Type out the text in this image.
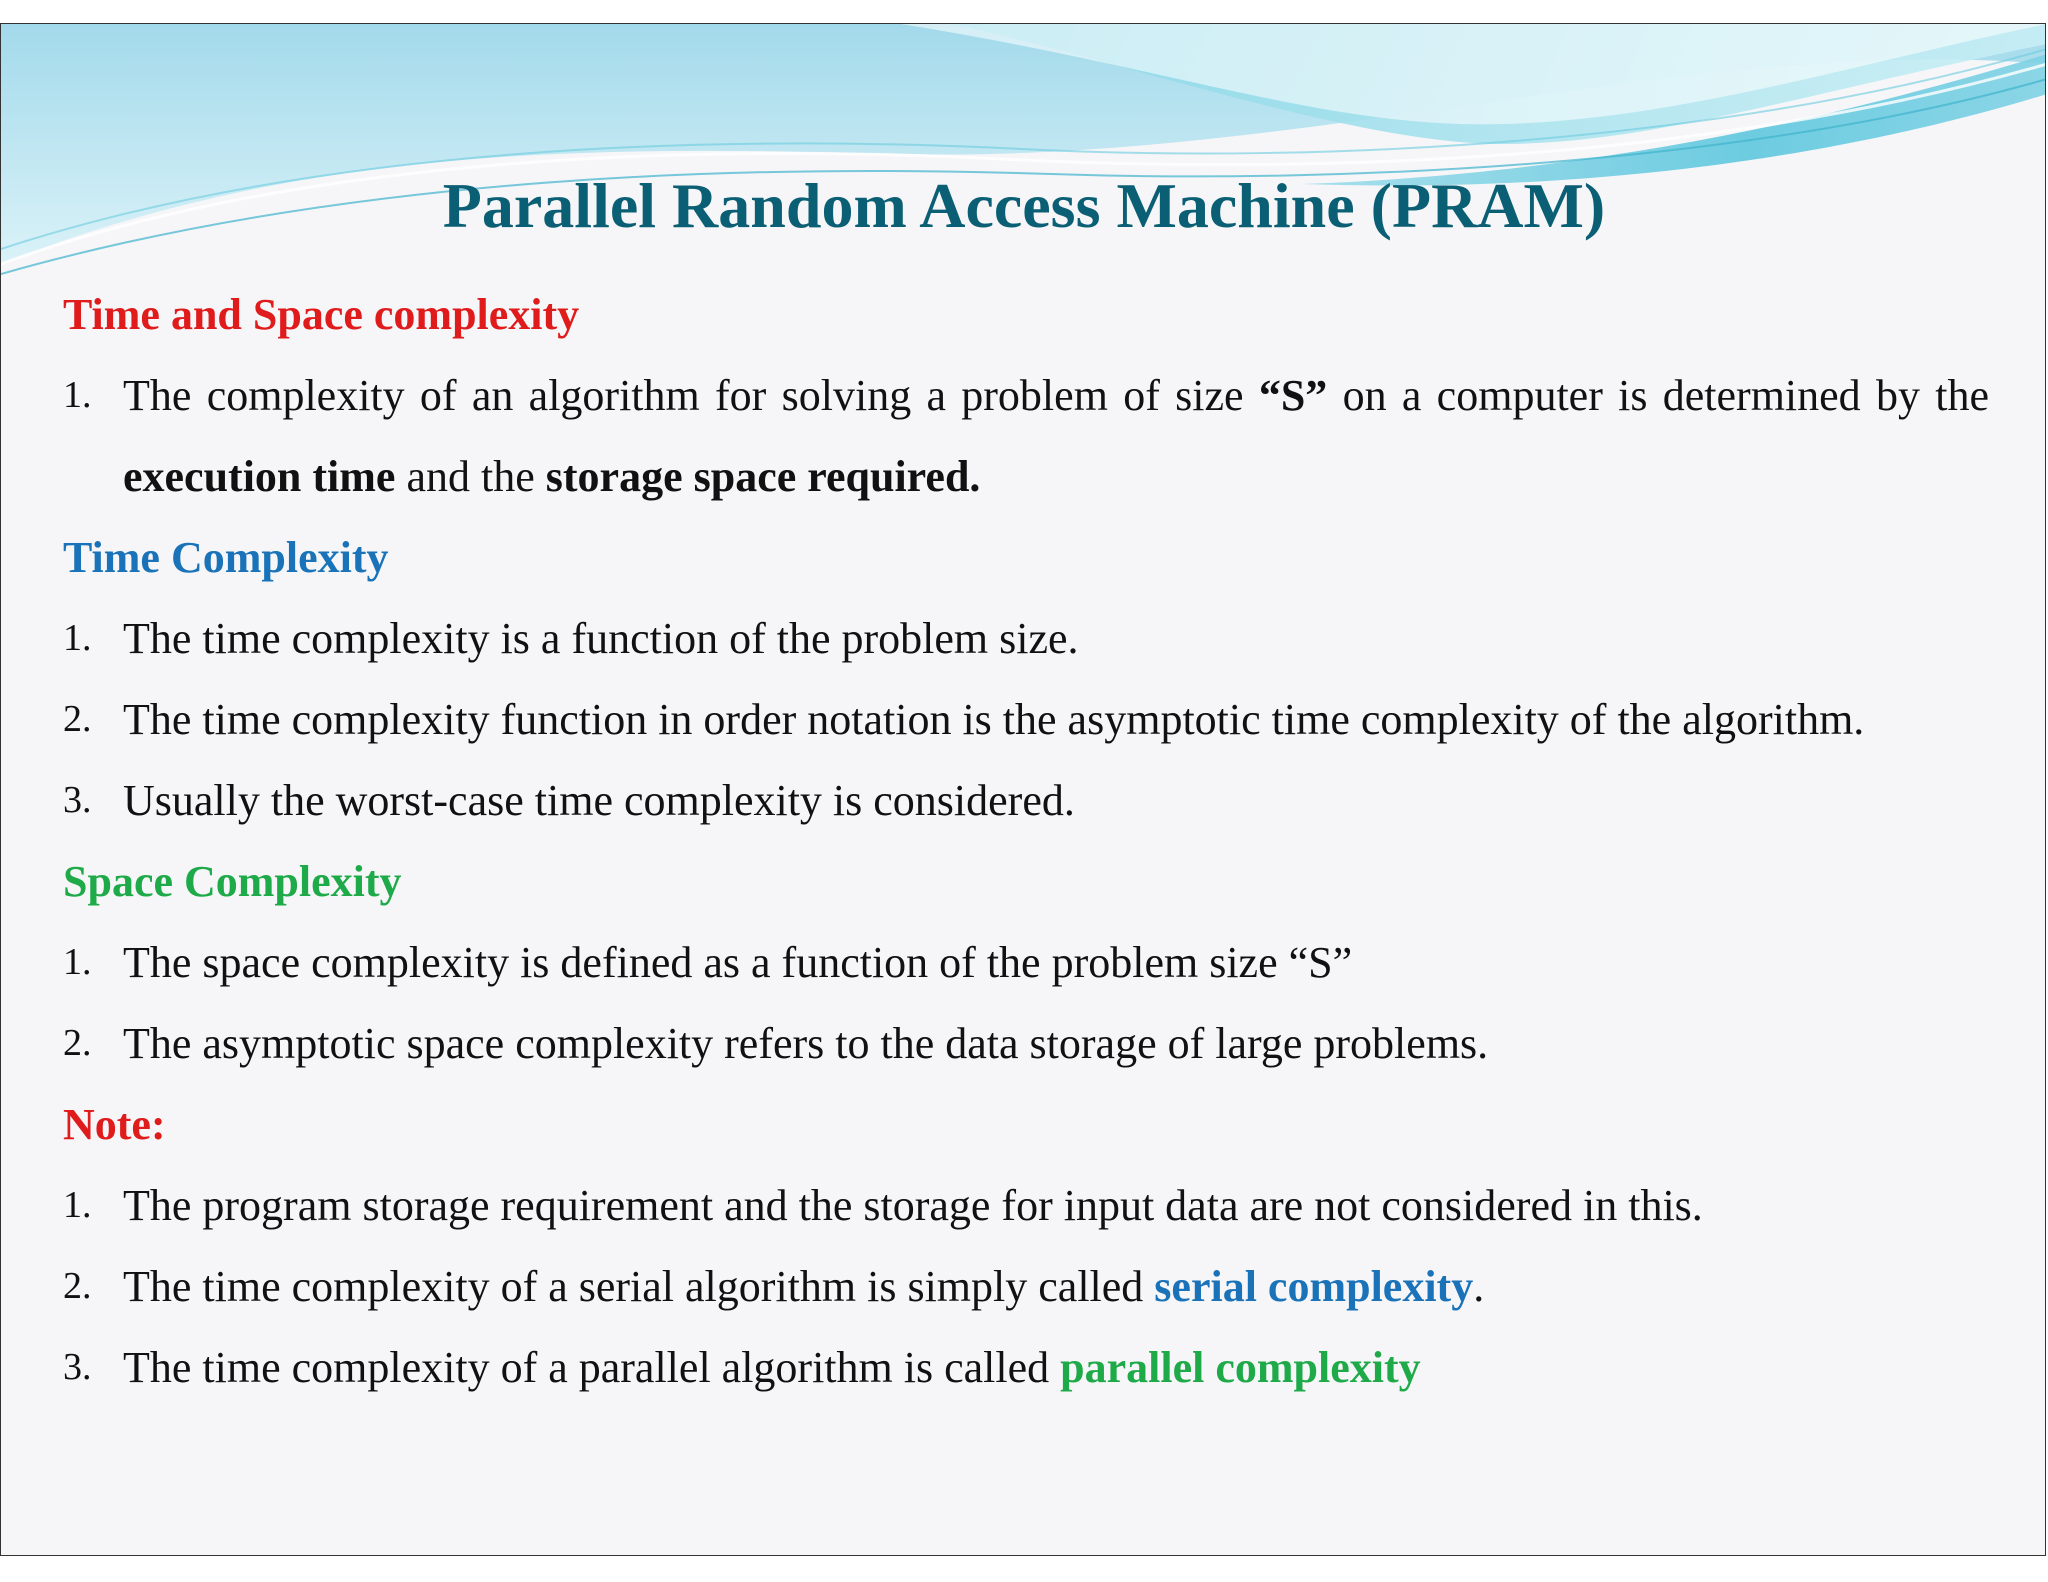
Parallel Random Access Machine (PRAM)
Time and Space complexity
1. The complexity of an algorithm for solving a problem of size “S” on a computer is determined by the execution time and the storage space required.
Time Complexity
1. The time complexity is a function of the problem size.
2. The time complexity function in order notation is the asymptotic time complexity of the algorithm.
3. Usually the worst-case time complexity is considered.
Space Complexity
1. The space complexity is defined as a function of the problem size “S”
2. The asymptotic space complexity refers to the data storage of large problems.
Note:
1. The program storage requirement and the storage for input data are not considered in this.
2. The time complexity of a serial algorithm is simply called serial complexity.
3. The time complexity of a parallel algorithm is called parallel complexity
